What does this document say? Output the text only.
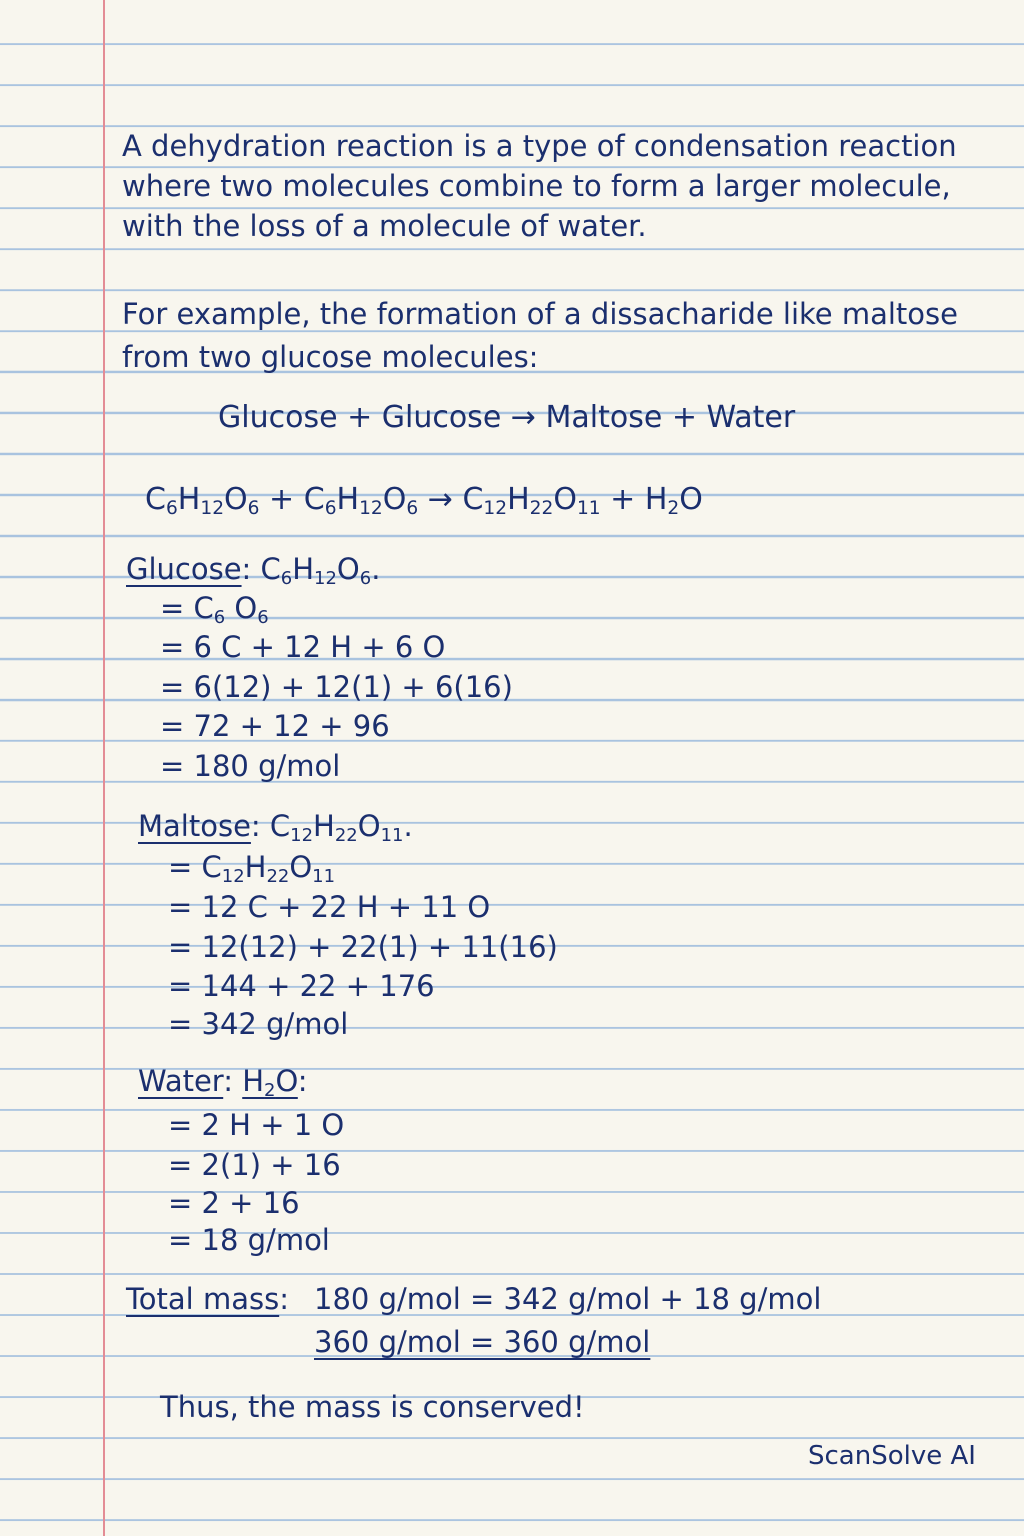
A dehydration reaction is a type of condensation reaction

where two molecules combine to form a larger molecule,

with the loss of a molecule of water.

For example, the formation of a dissacharide like maltose

from two glucose molecules:

Glucose + Glucose → Maltose + Water

$C_6H_{12}O_6 + C_6H_{12}O_6 \to C_{12}H_{22}O_{11} + H_2O$

Glucose: $C_6H_{12}O_6$.

= $C_6$ $O_6$

= 6 C + 12 H + 6 O

= 6(12) + 12(1) + 6(16)

= 72 + 12 + 96

= 180 g/mol

Maltose: $C_{12}H_{22}O_{11}$.

= $C_{12}H_{22}O_{11}$

= 12 C + 22 H + 11 O

= 12(12) + 22(1) + 11(16)

= 144 + 22 + 176

= 342 g/mol

Water: $H_2O$:

= 2 H + 1 O

= 2(1) + 16

= 2 + 16

= 18 g/mol

Total mass: 180 g/mol = 342 g/mol + 18 g/mol

360 g/mol = 360 g/mol

Thus, the mass is conserved!

ScanSolve AI
